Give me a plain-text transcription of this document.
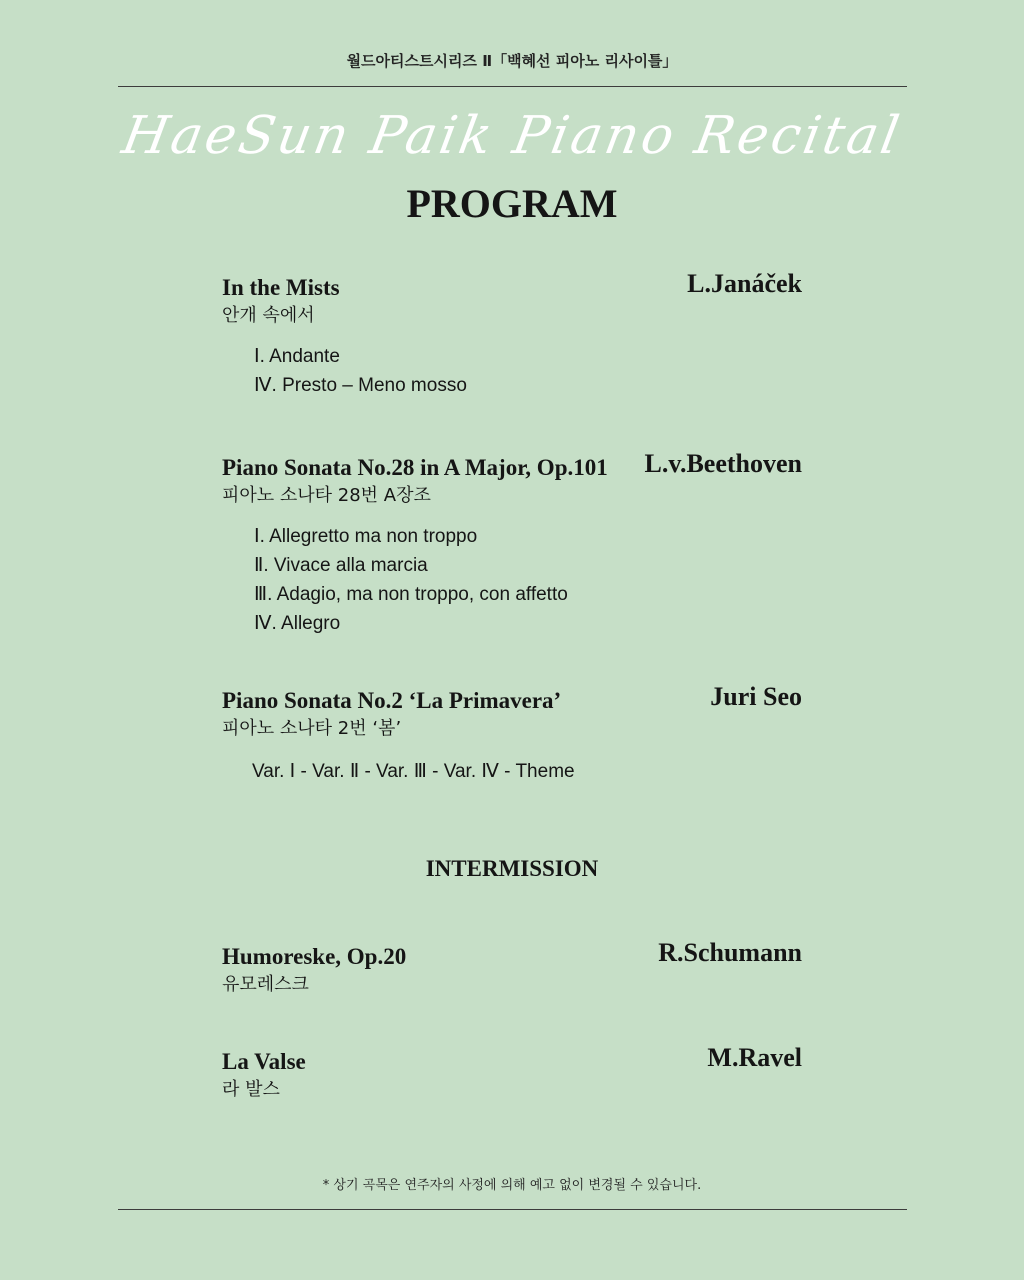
월드아티스트시리즈 Ⅱ「백혜선 피아노 리사이틀」
HaeSun Paik Piano Recital
PROGRAM
In the Mists	L.Janáček
안개 속에서
Ⅰ. Andante
Ⅳ. Presto – Meno mosso
Piano Sonata No.28 in A Major, Op.101	L.v.Beethoven
피아노 소나타 28번 A장조
Ⅰ. Allegretto ma non troppo
Ⅱ. Vivace alla marcia
Ⅲ. Adagio, ma non troppo, con affetto
Ⅳ. Allegro
Piano Sonata No.2 ‘La Primavera’	Juri Seo
피아노 소나타 2번 ‘봄’
Var. Ⅰ - Var. Ⅱ - Var. Ⅲ - Var. Ⅳ - Theme
INTERMISSION
Humoreske, Op.20	R.Schumann
유모레스크
La Valse	M.Ravel
라 발스
* 상기 곡목은 연주자의 사정에 의해 예고 없이 변경될 수 있습니다.
